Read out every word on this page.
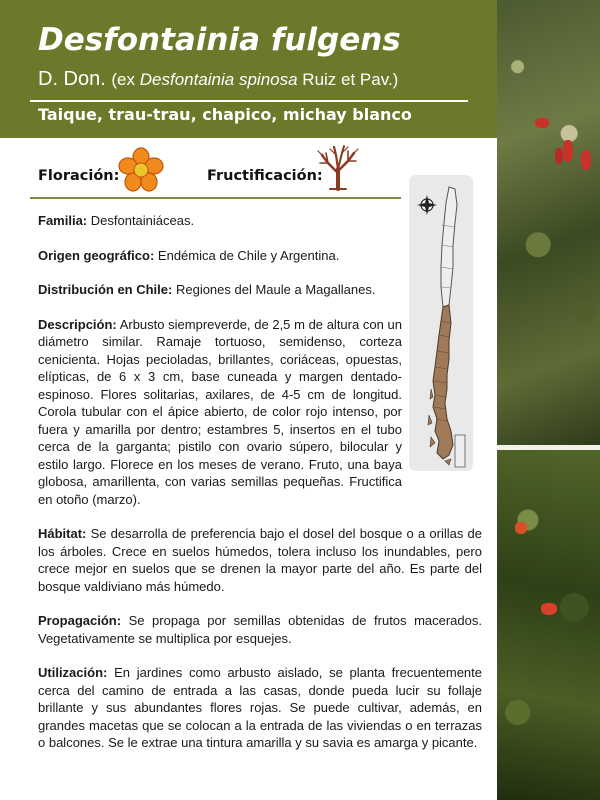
Desfontainia fulgens
D. Don. (ex Desfontainia spinosa Ruiz et Pav.)
Taique, trau-trau, chapico, michay blanco
Floración:	Fructificación:

Familia: Desfontainiáceas.

Origen geográfico: Endémica de Chile y Argentina.

Distribución en Chile: Regiones del Maule a Magallanes.

Descripción: Arbusto siempreverde, de 2,5 m de altura con un diámetro similar. Ramaje tortuoso, semidenso, corteza cenicienta. Hojas pecioladas, brillantes, coriáceas, opuestas, elípticas, de 6 x 3 cm, base cuneada y margen dentado-espinoso. Flores solitarias, axilares, de 4-5 cm de longitud. Corola tubular con el ápice abierto, de color rojo intenso, por fuera y amarilla por dentro; estambres 5, insertos en el tubo cerca de la garganta; pistilo con ovario súpero, bilocular y estilo largo. Florece en los meses de verano. Fruto, una baya globosa, amarillenta, con varias semillas pequeñas. Fructifica en otoño (marzo).

Hábitat: Se desarrolla de preferencia bajo el dosel del bosque o a orillas de los árboles. Crece en suelos húmedos, tolera incluso los inundables, pero crece mejor en suelos que se drenen la mayor parte del año. Es parte del bosque valdiviano más húmedo.

Propagación: Se propaga por semillas obtenidas de frutos macerados. Vegetativamente se multiplica por esquejes.

Utilización: En jardines como arbusto aislado, se planta frecuentemente cerca del camino de entrada a las casas, donde pueda lucir su follaje brillante y sus abundantes flores rojas. Se puede cultivar, además, en grandes macetas que se colocan a la entrada de las viviendas o en terrazas o balcones. Se le extrae una tintura amarilla y su savia es amarga y picante.
